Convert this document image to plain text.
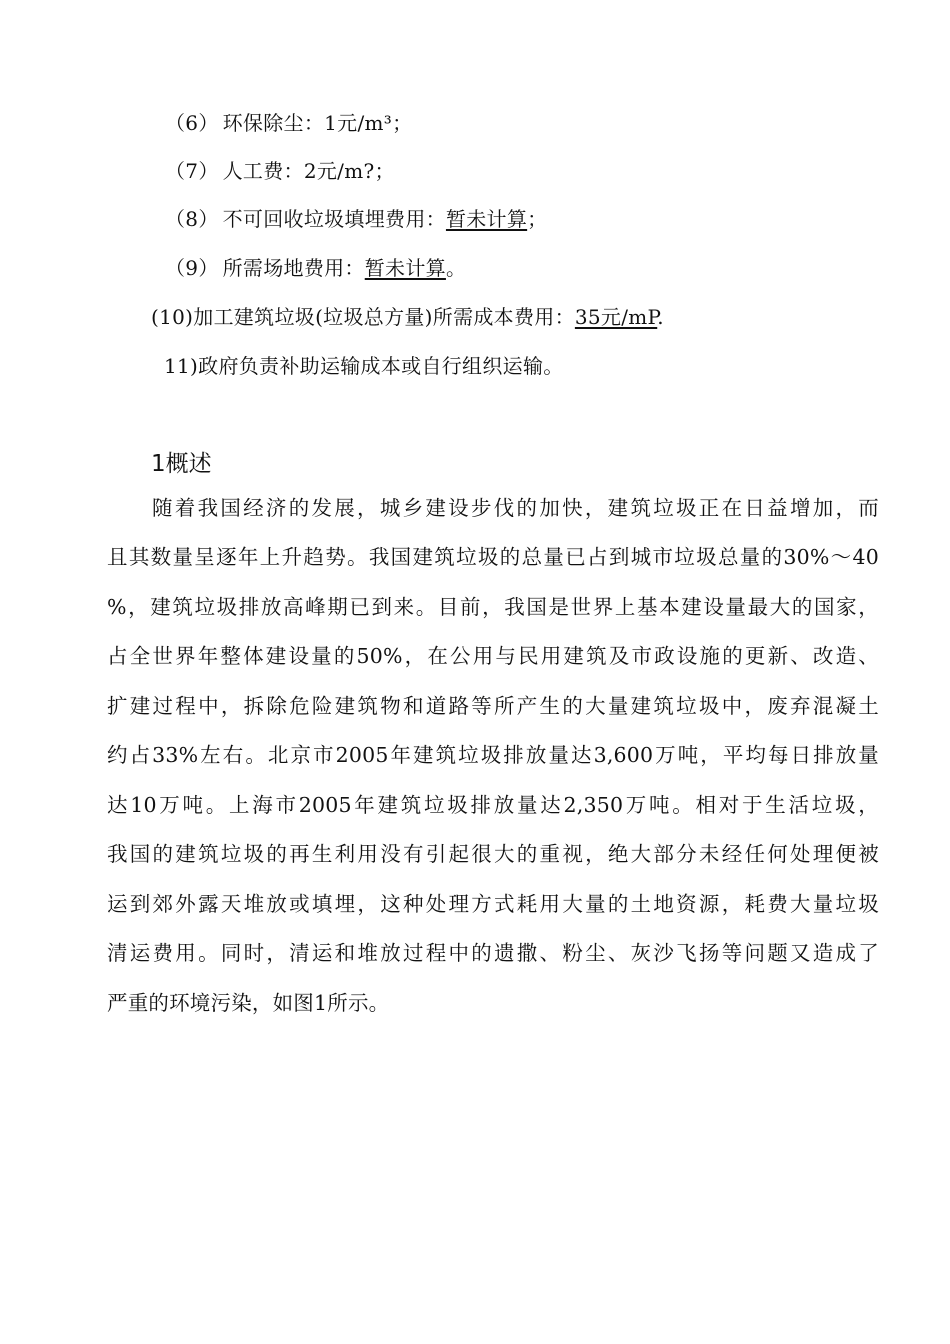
（6） 环保除尘：1元/m³；
（7） 人工费：2元/m?；
（8） 不可回收垃圾填埋费用：暂未计算；
（9） 所需场地费用：暂未计算。
(10)加工建筑垃圾(垃圾总方量)所需成本费用：35元/mP.
11)政府负责补助运输成本或自行组织运输。
1概述
随着我国经济的发展，城乡建设步伐的加快，建筑垃圾正在日益增加，而
且其数量呈逐年上升趋势。我国建筑垃圾的总量已占到城市垃圾总量的30%～40
%，建筑垃圾排放高峰期已到来。目前，我国是世界上基本建设量最大的国家，
占全世界年整体建设量的50%，在公用与民用建筑及市政设施的更新、改造、
扩建过程中，拆除危险建筑物和道路等所产生的大量建筑垃圾中，废弃混凝土
约占33%左右。北京市2005年建筑垃圾排放量达3,600万吨，平均每日排放量
达10万吨。上海市2005年建筑垃圾排放量达2,350万吨。相对于生活垃圾，
我国的建筑垃圾的再生利用没有引起很大的重视，绝大部分未经任何处理便被
运到郊外露天堆放或填埋，这种处理方式耗用大量的土地资源，耗费大量垃圾
清运费用。同时，清运和堆放过程中的遗撒、粉尘、灰沙飞扬等问题又造成了
严重的环境污染，如图1所示。
